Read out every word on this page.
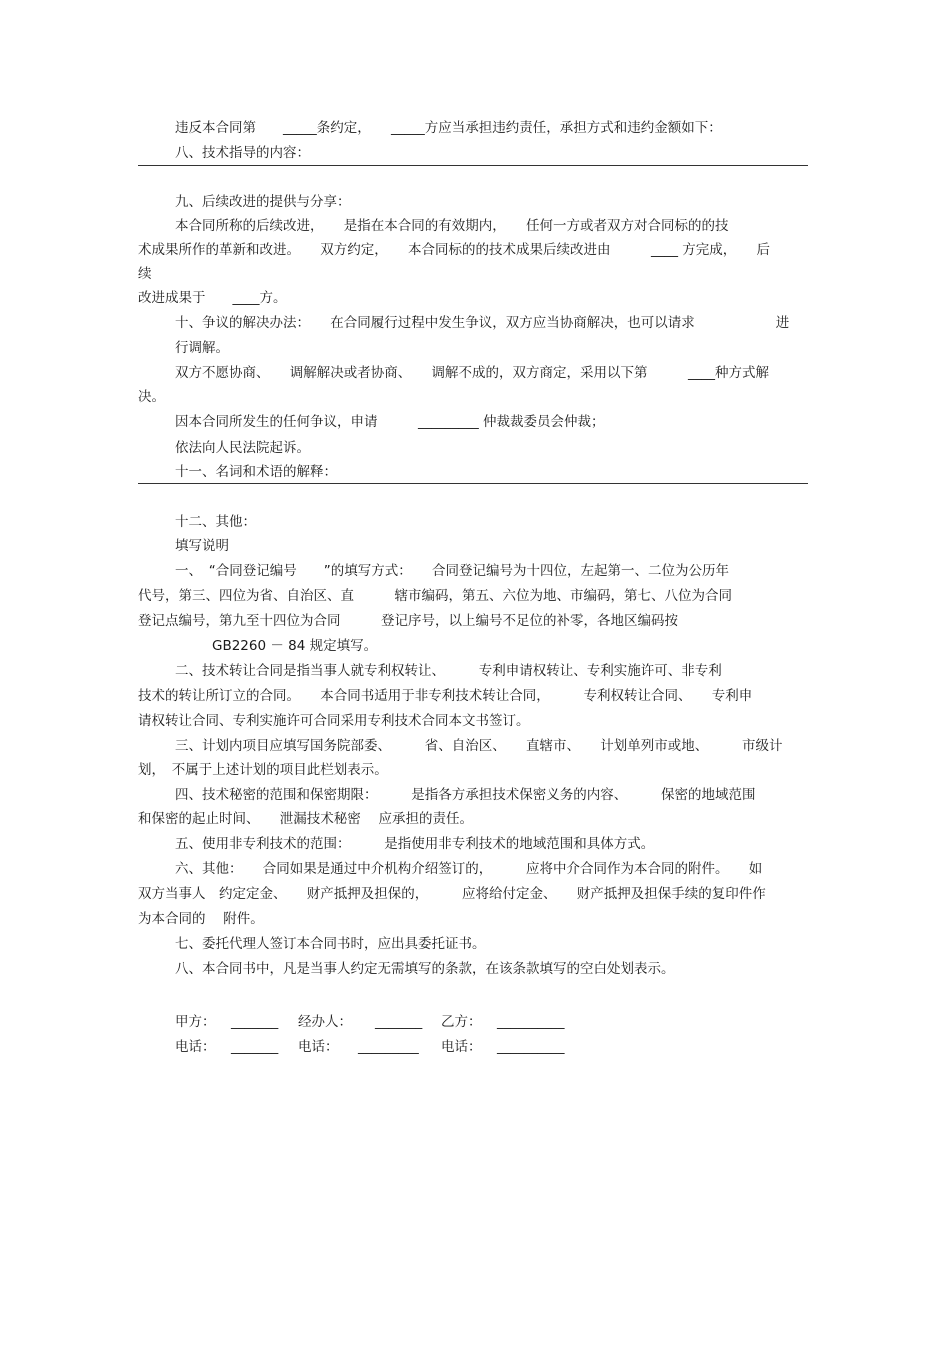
违反本合同第　　_____条约定，　　_____方应当承担违约责任，承担方式和违约金额如下：
八、技术指导的内容：
九、后续改进的提供与分享：
本合同所称的后续改进，　　是指在本合同的有效期内，　　任何一方或者双方对合同标的的技
术成果所作的革新和改进。　　双方约定，　　本合同标的的技术成果后续改进由　　　____ 方完成，　　后
续
改进成果于　　____方。
十、争议的解决办法：　　在合同履行过程中发生争议，双方应当协商解决，也可以请求　　　　　　进
行调解。
双方不愿协商、　　调解解决或者协商、　　调解不成的，双方商定，采用以下第　　　____种方式解
决。
因本合同所发生的任何争议，申请　　　_________ 仲裁裁委员会仲裁；
依法向人民法院起诉。
十一、名词和术语的解释：
十二、其他：
填写说明
一、　“合同登记编号　　”的填写方式：　　合同登记编号为十四位，左起第一、二位为公历年
代号，第三、四位为省、自治区、直　　　辖市编码，第五、六位为地、市编码，第七、八位为合同
登记点编号，第九至十四位为合同　　　登记序号，以上编号不足位的补零，各地区编码按
GB2260 － 84 规定填写。
二、技术转让合同是指当事人就专利权转让、　　　专利申请权转让、专利实施许可、非专利
技术的转让所订立的合同。　　本合同书适用于非专利技术转让合同，　　　专利权转让合同、　　专利申
请权转让合同、专利实施许可合同采用专利技术合同本文书签订。
三、计划内项目应填写国务院部委、　　　省、自治区、　　直辖市、　　计划单列市或地、　　　市级计
划，　不属于上述计划的项目此栏划表示。
四、技术秘密的范围和保密期限：　　　是指各方承担技术保密义务的内容、　　　保密的地域范围
和保密的起止时间、　　泄漏技术秘密　 应承担的责任。
五、使用非专利技术的范围：　　　是指使用非专利技术的地域范围和具体方式。
六、其他：　　合同如果是通过中介机构介绍签订的，　　　应将中介合同作为本合同的附件。　　如
双方当事人　约定定金、　　财产抵押及担保的，　　　应将给付定金、　　财产抵押及担保手续的复印件作
为本合同的　 附件。
七、委托代理人签订本合同书时，应出具委托证书。
八、本合同书中，凡是当事人约定无需填写的条款，在该条款填写的空白处划表示。
甲方： _______ 经办人： _______ 乙方： __________
电话： _______ 电话： _________ 电话： __________
